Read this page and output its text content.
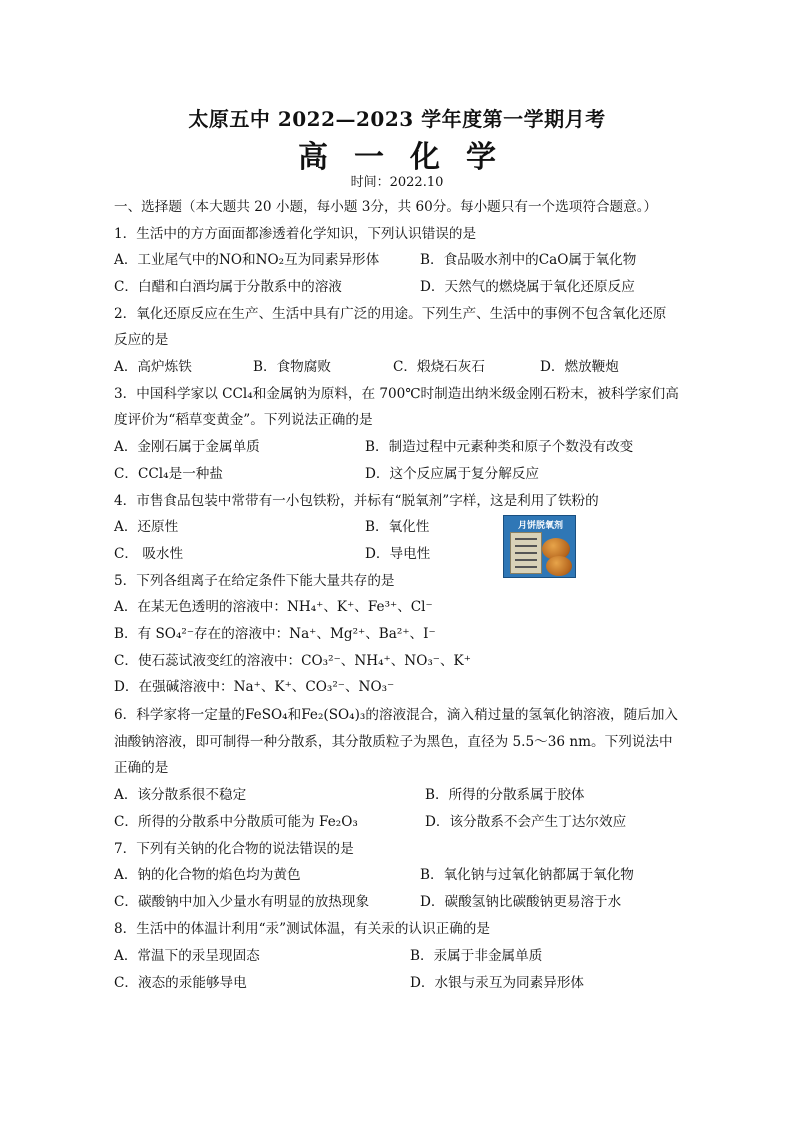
太原五中 2022—2023 学年度第一学期月考
高一化学
时间：2022.10
一、选择题（本大题共 20 小题，每小题 3分，共 60分。每小题只有一个选项符合题意。）
1．生活中的方方面面都渗透着化学知识，下列认识错误的是
A．工业尾气中的NO和NO₂互为同素异形体	B．食品吸水剂中的CaO属于氧化物
C．白醋和白酒均属于分散系中的溶液	D．天然气的燃烧属于氧化还原反应
2．氧化还原反应在生产、生活中具有广泛的用途。下列生产、生活中的事例不包含氧化还原
反应的是
A．高炉炼铁	B．食物腐败	C．煅烧石灰石	D．燃放鞭炮
3．中国科学家以 CCl₄和金属钠为原料，在 700℃时制造出纳米级金刚石粉末，被科学家们高
度评价为“稻草变黄金”。下列说法正确的是
A．金刚石属于金属单质	B．制造过程中元素种类和原子个数没有改变
C．CCl₄是一种盐	D．这个反应属于复分解反应
4．市售食品包装中常带有一小包铁粉，并标有“脱氧剂”字样，这是利用了铁粉的
A．还原性	B．氧化性
C． 吸水性	D．导电性
月饼脱氧剂
5．下列各组离子在给定条件下能大量共存的是
A．在某无色透明的溶液中：NH₄⁺、K⁺、Fe³⁺、Cl⁻
B．有 SO₄²⁻存在的溶液中：Na⁺、Mg²⁺、Ba²⁺、I⁻
C．使石蕊试液变红的溶液中：CO₃²⁻、NH₄⁺、NO₃⁻、K⁺
D．在强碱溶液中：Na⁺、K⁺、CO₃²⁻、NO₃⁻
6．科学家将一定量的FeSO₄和Fe₂(SO₄)₃的溶液混合，滴入稍过量的氢氧化钠溶液，随后加入
油酸钠溶液，即可制得一种分散系，其分散质粒子为黑色，直径为 5.5～36 nm。下列说法中
正确的是
A．该分散系很不稳定	B．所得的分散系属于胶体
C．所得的分散系中分散质可能为 Fe₂O₃	D．该分散系不会产生丁达尔效应
7．下列有关钠的化合物的说法错误的是
A．钠的化合物的焰色均为黄色	B．氧化钠与过氧化钠都属于氧化物
C．碳酸钠中加入少量水有明显的放热现象	D．碳酸氢钠比碳酸钠更易溶于水
8．生活中的体温计利用“汞”测试体温，有关汞的认识正确的是
A．常温下的汞呈现固态	B．汞属于非金属单质
C．液态的汞能够导电	D．水银与汞互为同素异形体
